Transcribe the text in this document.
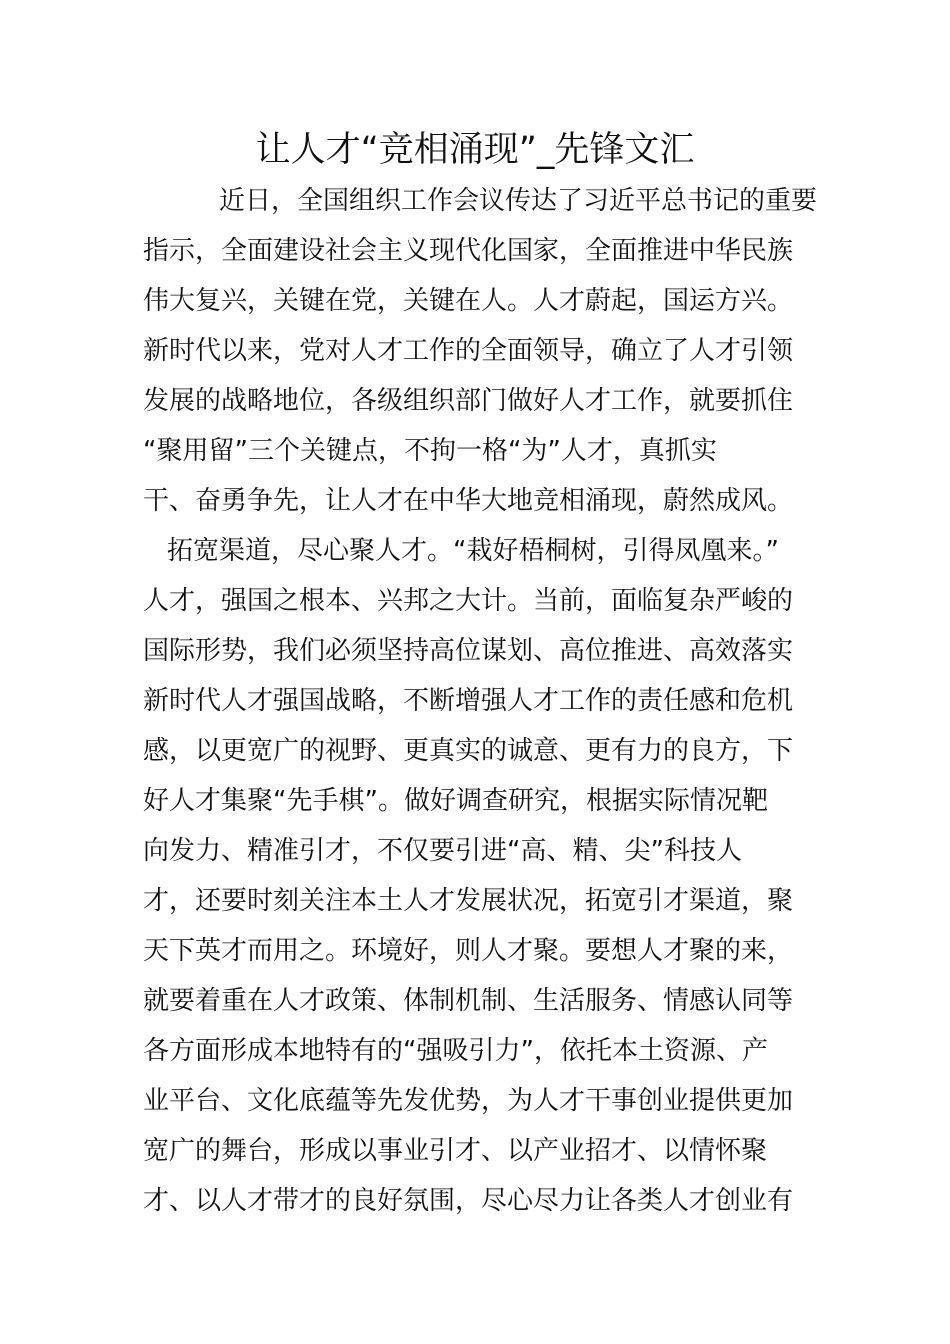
让人才“竞相涌现”_先锋文汇
近日，全国组织工作会议传达了习近平总书记的重要
指示，全面建设社会主义现代化国家，全面推进中华民族
伟大复兴，关键在党，关键在人。人才蔚起，国运方兴。
新时代以来，党对人才工作的全面领导，确立了人才引领
发展的战略地位，各级组织部门做好人才工作，就要抓住
“聚用留”三个关键点，不拘一格“为”人才，真抓实
干、奋勇争先，让人才在中华大地竞相涌现，蔚然成风。
拓宽渠道，尽心聚人才。“栽好梧桐树，引得凤凰来。”
人才，强国之根本、兴邦之大计。当前，面临复杂严峻的
国际形势，我们必须坚持高位谋划、高位推进、高效落实
新时代人才强国战略，不断增强人才工作的责任感和危机
感，以更宽广的视野、更真实的诚意、更有力的良方，下
好人才集聚“先手棋”。做好调查研究，根据实际情况靶
向发力、精准引才，不仅要引进“高、精、尖”科技人
才，还要时刻关注本土人才发展状况，拓宽引才渠道，聚
天下英才而用之。环境好，则人才聚。要想人才聚的来，
就要着重在人才政策、体制机制、生活服务、情感认同等
各方面形成本地特有的“强吸引力”，依托本土资源、产
业平台、文化底蕴等先发优势，为人才干事创业提供更加
宽广的舞台，形成以事业引才、以产业招才、以情怀聚
才、以人才带才的良好氛围，尽心尽力让各类人才创业有
